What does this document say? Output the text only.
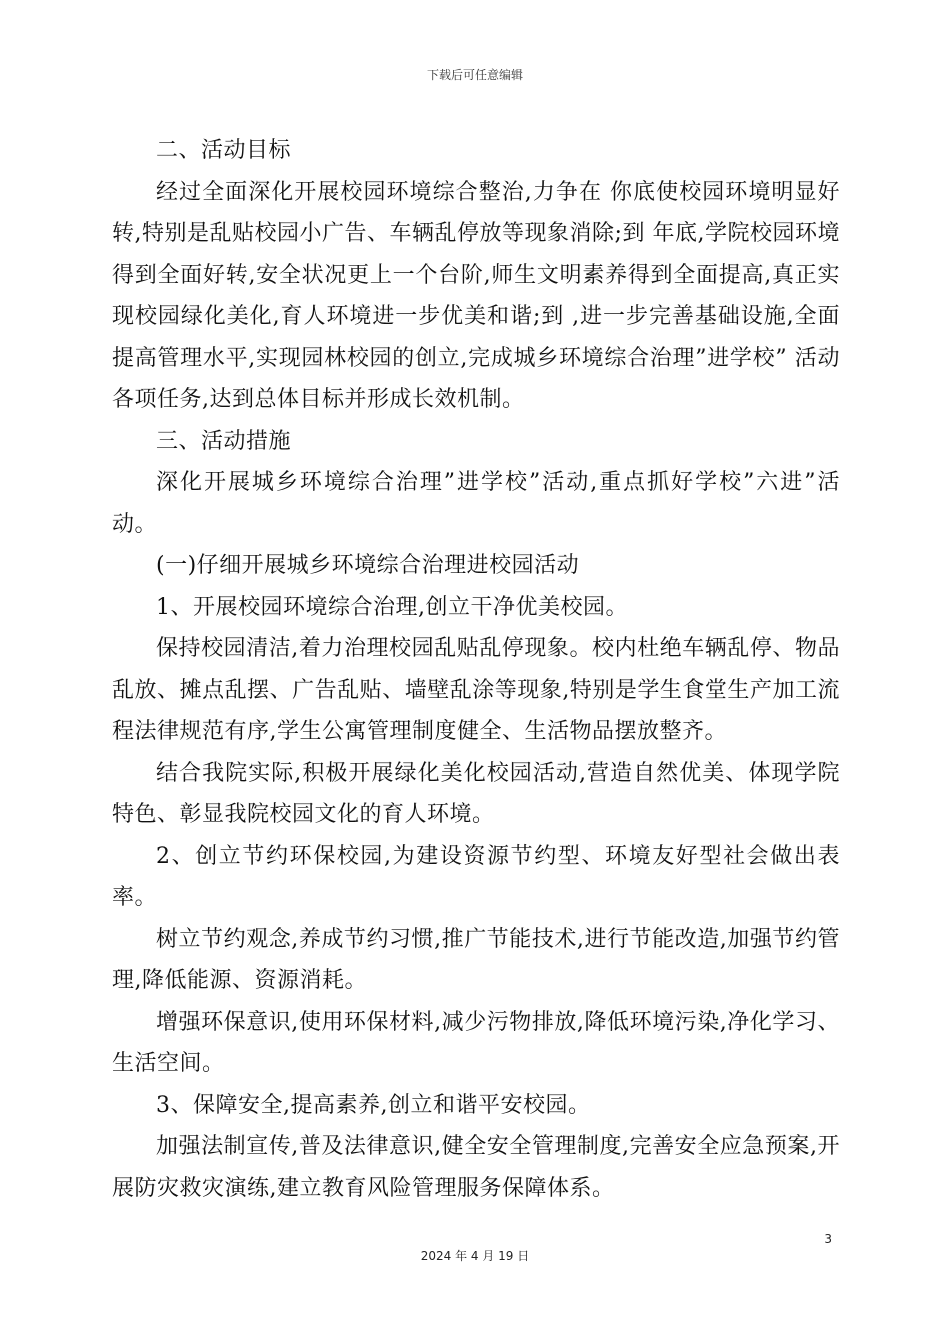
下载后可任意编辑

二、活动目标

经过全面深化开展校园环境综合整治,力争在 你底使校园环境明显好转,特别是乱贴校园小广告、车辆乱停放等现象消除;到 年底,学院校园环境得到全面好转,安全状况更上一个台阶,师生文明素养得到全面提高,真正实现校园绿化美化,育人环境进一步优美和谐;到 ,进一步完善基础设施,全面提高管理水平,实现园林校园的创立,完成城乡环境综合治理”进学校” 活动各项任务,达到总体目标并形成长效机制。

三、活动措施

深化开展城乡环境综合治理”进学校”活动,重点抓好学校”六进”活动。

(一)仔细开展城乡环境综合治理进校园活动

1、开展校园环境综合治理,创立干净优美校园。

保持校园清洁,着力治理校园乱贴乱停现象。校内杜绝车辆乱停、物品乱放、摊点乱摆、广告乱贴、墙壁乱涂等现象,特别是学生食堂生产加工流程法律规范有序,学生公寓管理制度健全、生活物品摆放整齐。

结合我院实际,积极开展绿化美化校园活动,营造自然优美、体现学院特色、彰显我院校园文化的育人环境。

2、创立节约环保校园,为建设资源节约型、环境友好型社会做出表率。

树立节约观念,养成节约习惯,推广节能技术,进行节能改造,加强节约管理,降低能源、资源消耗。

增强环保意识,使用环保材料,减少污物排放,降低环境污染,净化学习、生活空间。

3、保障安全,提高素养,创立和谐平安校园。

加强法制宣传,普及法律意识,健全安全管理制度,完善安全应急预案,开展防灾救灾演练,建立教育风险管理服务保障体系。

3
2024 年 4 月 19 日
